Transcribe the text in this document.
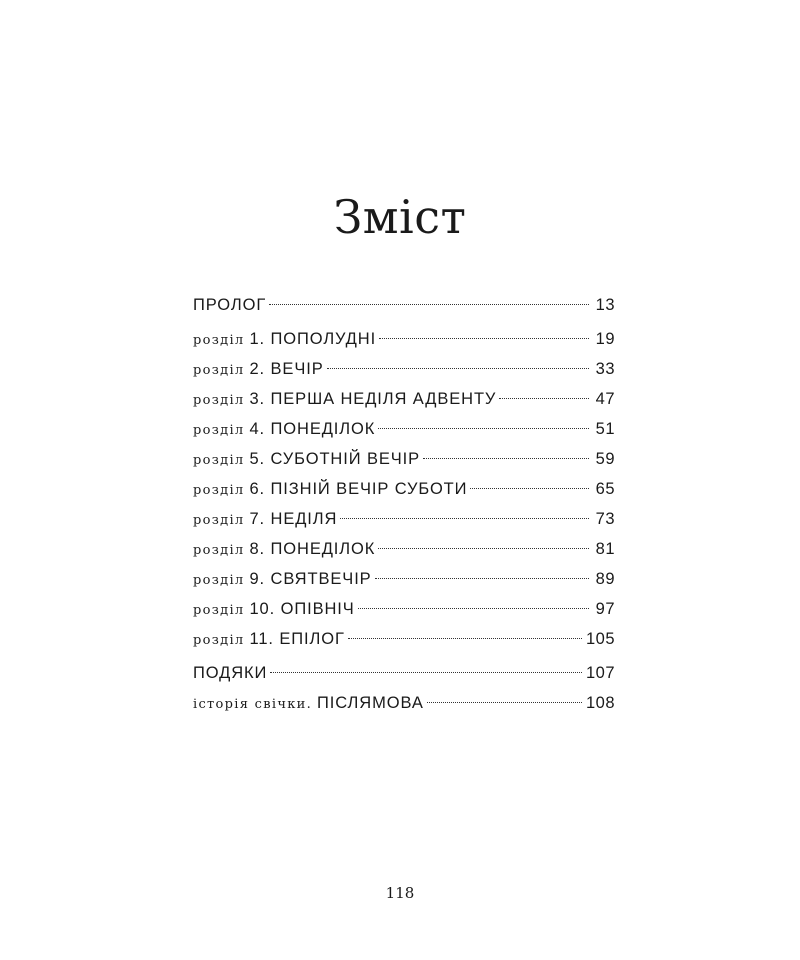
Зміст
ПРОЛОГ	13
розділ 1. ПОПОЛУДНІ	19
розділ 2. ВЕЧІР	33
розділ 3. ПЕРША НЕДІЛЯ АДВЕНТУ	47
розділ 4. ПОНЕДІЛОК	51
розділ 5. СУБОТНІЙ ВЕЧІР	59
розділ 6. ПІЗНІЙ ВЕЧІР СУБОТИ	65
розділ 7. НЕДІЛЯ	73
розділ 8. ПОНЕДІЛОК	81
розділ 9. СВЯТВЕЧІР	89
розділ 10. ОПІВНІЧ	97
розділ 11. ЕПІЛОГ	105
ПОДЯКИ	107
історія свічки. ПІСЛЯМОВА	108
118
